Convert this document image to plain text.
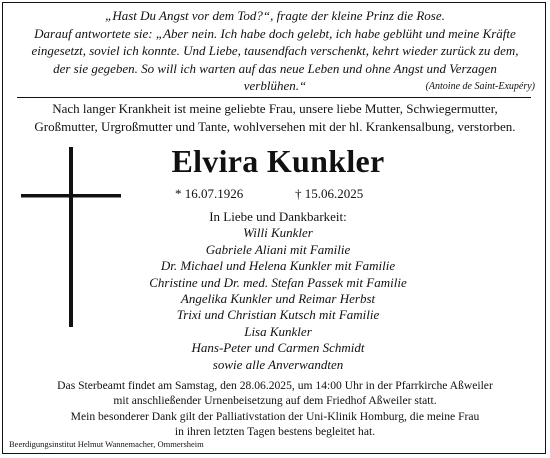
„Hast Du Angst vor dem Tod?“, fragte der kleine Prinz die Rose.
Darauf antwortete sie: „Aber nein. Ich habe doch gelebt, ich habe geblüht und meine Kräfte
eingesetzt, soviel ich konnte. Und Liebe, tausendfach verschenkt, kehrt wieder zurück zu dem,
der sie gegeben. So will ich warten auf das neue Leben und ohne Angst und Verzagen
verblühen.“	(Antoine de Saint-Exupéry)
Nach langer Krankheit ist meine geliebte Frau, unsere liebe Mutter, Schwiegermutter,
Großmutter, Urgroßmutter und Tante, wohlversehen mit der hl. Krankensalbung, verstorben.
Elvira Kunkler
* 16.07.1926	† 15.06.2025
In Liebe und Dankbarkeit:
Willi Kunkler
Gabriele Aliani mit Familie
Dr. Michael und Helena Kunkler mit Familie
Christine und Dr. med. Stefan Passek mit Familie
Angelika Kunkler und Reimar Herbst
Trixi und Christian Kutsch mit Familie
Lisa Kunkler
Hans-Peter und Carmen Schmidt
sowie alle Anverwandten
Das Sterbeamt findet am Samstag, den 28.06.2025, um 14:00 Uhr in der Pfarrkirche Aßweiler
mit anschließender Urnenbeisetzung auf dem Friedhof Aßweiler statt.
Mein besonderer Dank gilt der Palliativstation der Uni-Klinik Homburg, die meine Frau
in ihren letzten Tagen bestens begleitet hat.
Beerdigungsinstitut Helmut Wannemacher, Ommersheim
